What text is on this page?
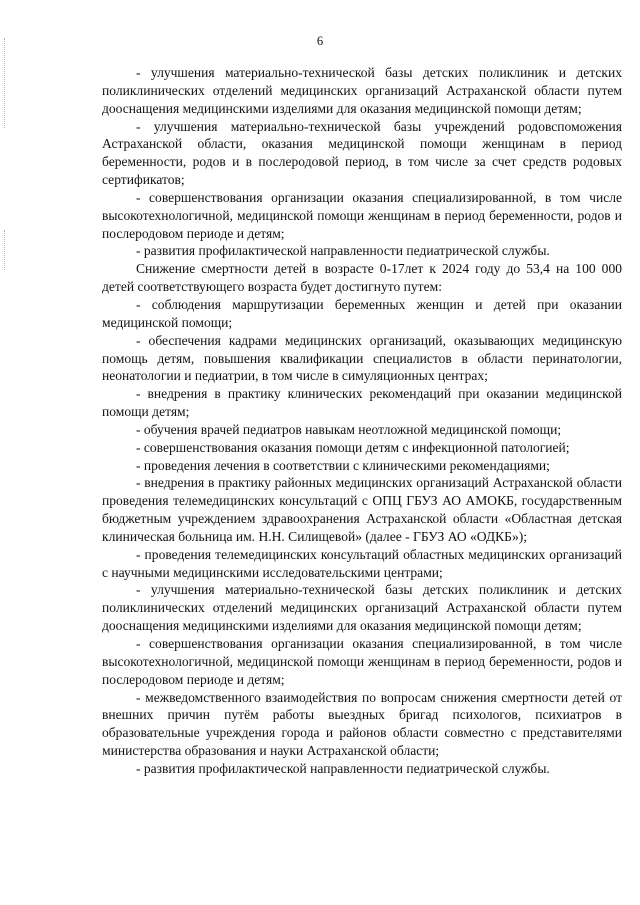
6

- улучшения материально-технической базы детских поликлиник и детских поликлинических отделений медицинских организаций Астраханской области путем дооснащения медицинскими изделиями для оказания медицинской помощи детям;

- улучшения материально-технической базы учреждений родовспоможения Астраханской области, оказания медицинской помощи женщинам в период беременности, родов и в послеродовой период, в том числе за счет средств родовых сертификатов;

- совершенствования организации оказания специализированной, в том числе высокотехнологичной, медицинской помощи женщинам в период беременности, родов и послеродовом периоде и детям;

- развития профилактической направленности педиатрической службы.

Снижение смертности детей в возрасте 0-17лет к 2024 году до 53,4 на 100 000 детей соответствующего возраста будет достигнуто путем:

- соблюдения маршрутизации беременных женщин и детей при оказании медицинской помощи;

- обеспечения кадрами медицинских организаций, оказывающих медицинскую помощь детям, повышения квалификации специалистов в области перинатологии, неонатологии и педиатрии, в том числе в симуляционных центрах;

- внедрения в практику клинических рекомендаций при оказании медицинской помощи детям;

- обучения врачей педиатров навыкам неотложной медицинской помощи;

- совершенствования оказания помощи детям с инфекционной патологией;

- проведения лечения в соответствии с клиническими рекомендациями;

- внедрения в практику районных медицинских организаций Астраханской области проведения телемедицинских консультаций с ОПЦ ГБУЗ АО АМОКБ, государственным бюджетным учреждением здравоохранения Астраханской области «Областная детская клиническая больница им. Н.Н. Силищевой» (далее - ГБУЗ АО «ОДКБ»);

- проведения телемедицинских консультаций областных медицинских организаций с научными медицинскими исследовательскими центрами;

- улучшения материально-технической базы детских поликлиник и детских поликлинических отделений медицинских организаций Астраханской области путем дооснащения медицинскими изделиями для оказания медицинской помощи детям;

- совершенствования организации оказания специализированной, в том числе высокотехнологичной, медицинской помощи женщинам в период беременности, родов и послеродовом периоде и детям;

- межведомственного взаимодействия по вопросам снижения смертности детей от внешних причин путём работы выездных бригад психологов, психиатров в образовательные учреждения города и районов области совместно с представителями министерства образования и науки Астраханской области;

- развития профилактической направленности педиатрической службы.
